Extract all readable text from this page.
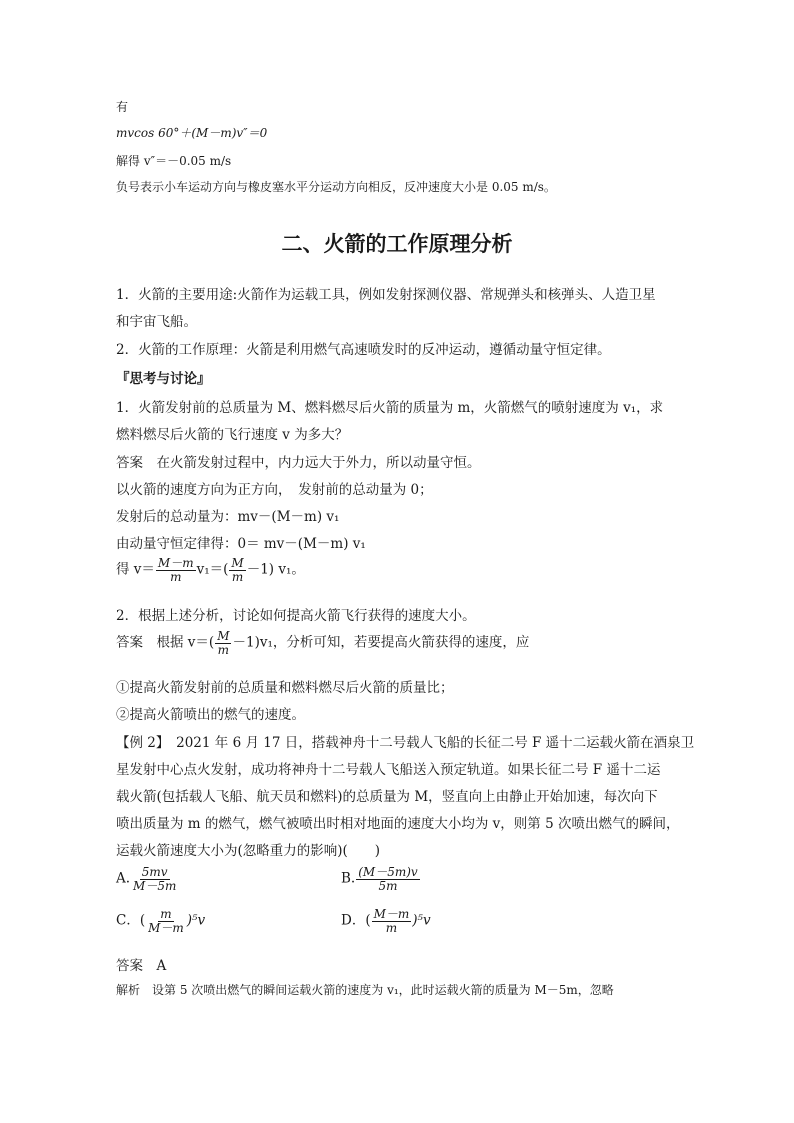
有
mvcos 60°＋(M－m)v″＝0
解得 v″＝－0.05 m/s
负号表示小车运动方向与橡皮塞水平分运动方向相反，反冲速度大小是 0.05 m/s。
二、火箭的工作原理分析
1．火箭的主要用途:火箭作为运载工具，例如发射探测仪器、常规弹头和核弹头、人造卫星
和宇宙飞船。
2．火箭的工作原理：火箭是利用燃气高速喷发时的反冲运动，遵循动量守恒定律。
『思考与讨论』
1．火箭发射前的总质量为 M、燃料燃尽后火箭的质量为 m，火箭燃气的喷射速度为 v₁，求
燃料燃尽后火箭的飞行速度 v 为多大？
答案　在火箭发射过程中，内力远大于外力，所以动量守恒。
以火箭的速度方向为正方向，　发射前的总动量为 0；
发射后的总动量为：mv－(M－m) v₁
由动量守恒定律得：0＝ mv－(M－m) v₁
得 $v= \frac{M-m}{m} v_1=( \frac{M}{m} -1)$ v₁。
2．根据上述分析，讨论如何提高火箭飞行获得的速度大小。
答案　根据 $v=( \frac{M}{m} -1)v_1$，分析可知，若要提高火箭获得的速度，应
①提高火箭发射前的总质量和燃料燃尽后火箭的质量比；
②提高火箭喷出的燃气的速度。
【例 2】　2021 年 6 月 17 日，搭载神舟十二号载人飞船的长征二号 F 遥十二运载火箭在酒泉卫
星发射中心点火发射，成功将神舟十二号载人飞船送入预定轨道。如果长征二号 F 遥十二运
载火箭(包括载人飞船、航天员和燃料)的总质量为 M，竖直向上由静止开始加速，每次向下
喷出质量为 m 的燃气，燃气被喷出时相对地面的速度大小均为 v，则第 5 次喷出燃气的瞬间，
运载火箭速度大小为(忽略重力的影响)(　　)
A. $\frac{5mv}{M-5m}$	B. $\frac{(M-5m)v}{5m}$
C．( $\frac{m}{M-m} )^5v$	D．( $\frac{M-m}{m} )^5v$
答案　A
解析　设第 5 次喷出燃气的瞬间运载火箭的速度为 v₁，此时运载火箭的质量为 M－5m，忽略
